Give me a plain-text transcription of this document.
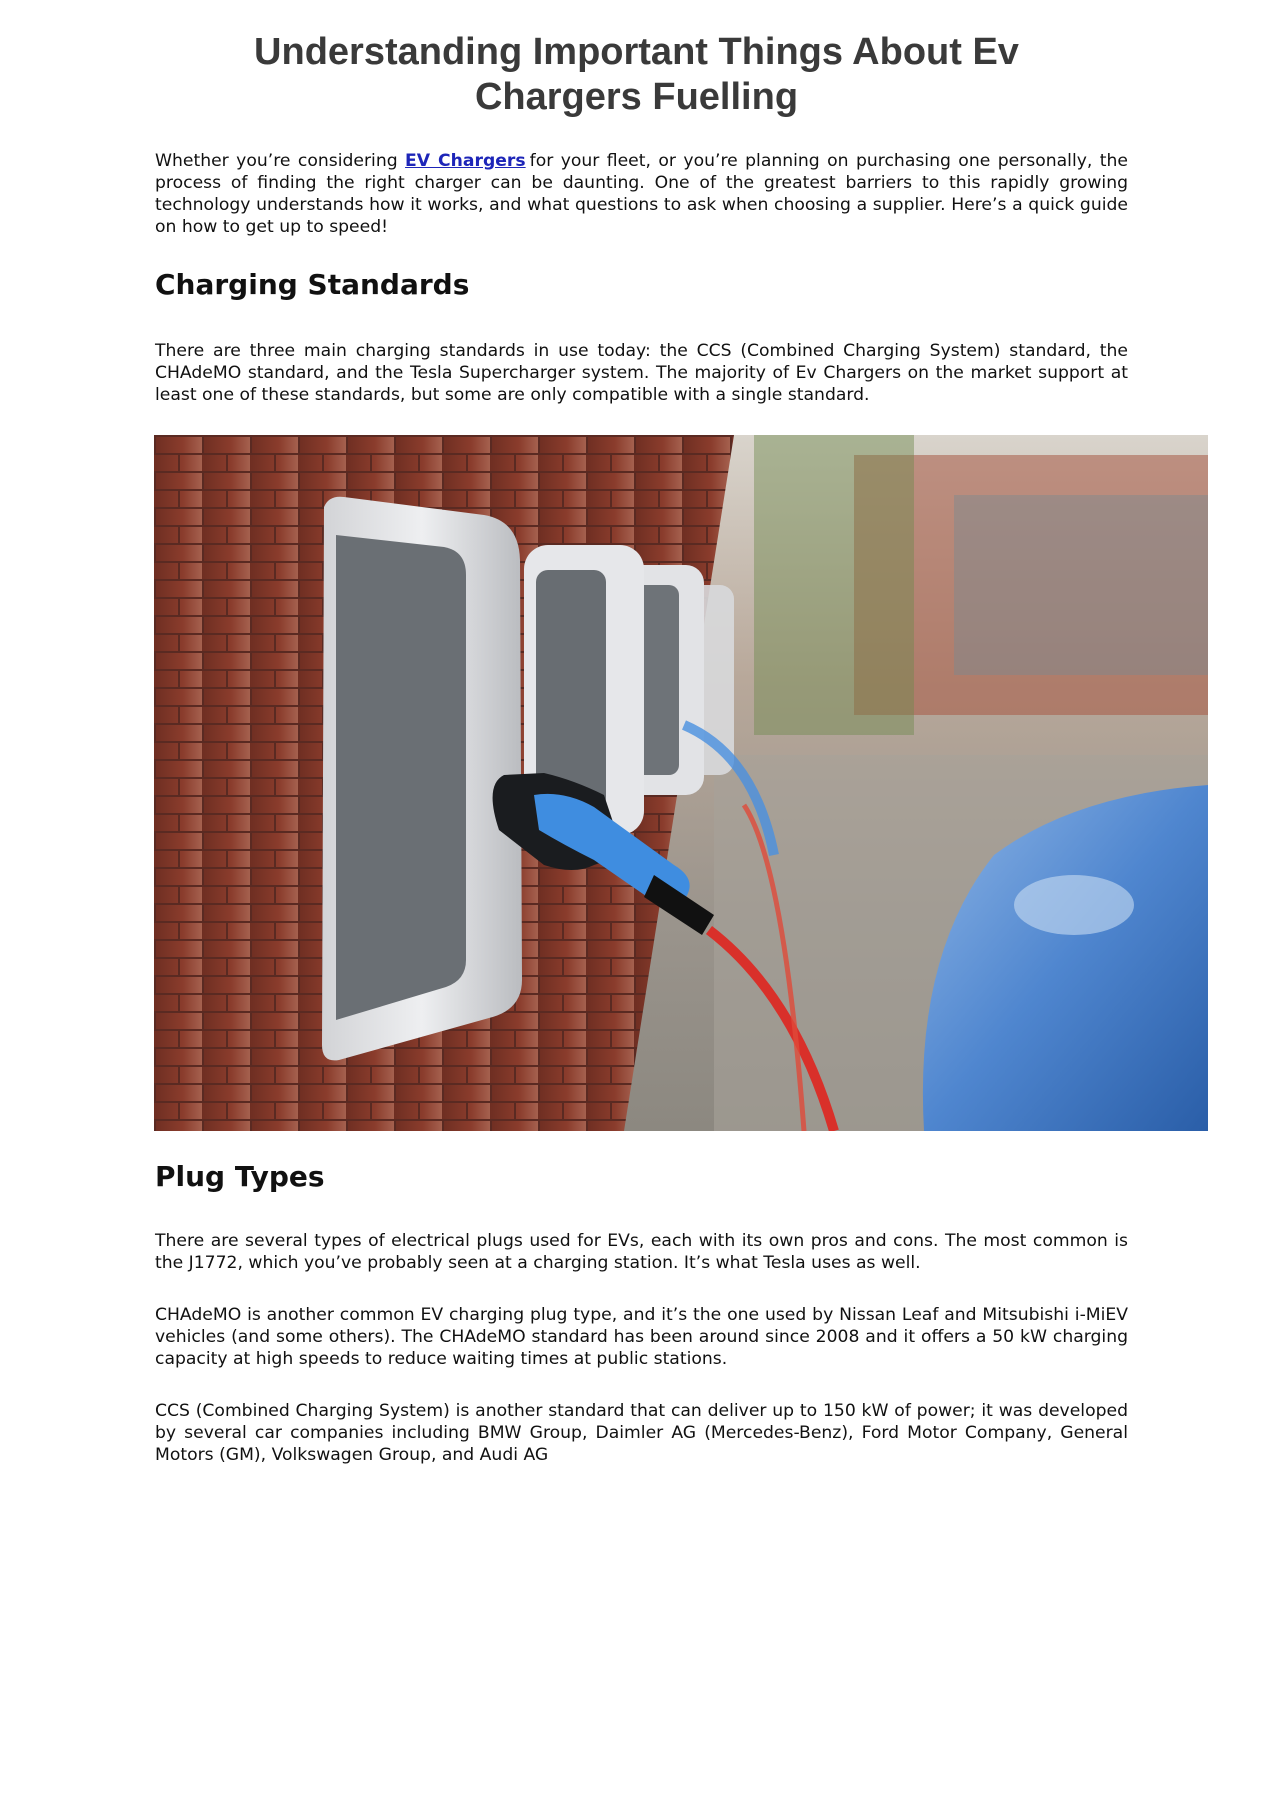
Understanding Important Things About Ev Chargers Fuelling

Whether you’re considering EV Chargers for your fleet, or you’re planning on purchasing one personally, the process of finding the right charger can be daunting. One of the greatest barriers to this rapidly growing technology understands how it works, and what questions to ask when choosing a supplier. Here’s a quick guide on how to get up to speed!

Charging Standards

There are three main charging standards in use today: the CCS (Combined Charging System) standard, the CHAdeMO standard, and the Tesla Supercharger system. The majority of Ev Chargers on the market support at least one of these standards, but some are only compatible with a single standard.

Plug Types

There are several types of electrical plugs used for EVs, each with its own pros and cons. The most common is the J1772, which you’ve probably seen at a charging station. It’s what Tesla uses as well.

CHAdeMO is another common EV charging plug type, and it’s the one used by Nissan Leaf and Mitsubishi i-MiEV vehicles (and some others). The CHAdeMO standard has been around since 2008 and it offers a 50 kW charging capacity at high speeds to reduce waiting times at public stations.

CCS (Combined Charging System) is another standard that can deliver up to 150 kW of power; it was developed by several car companies including BMW Group, Daimler AG (Mercedes-Benz), Ford Motor Company, General Motors (GM), Volkswagen Group, and Audi AG
